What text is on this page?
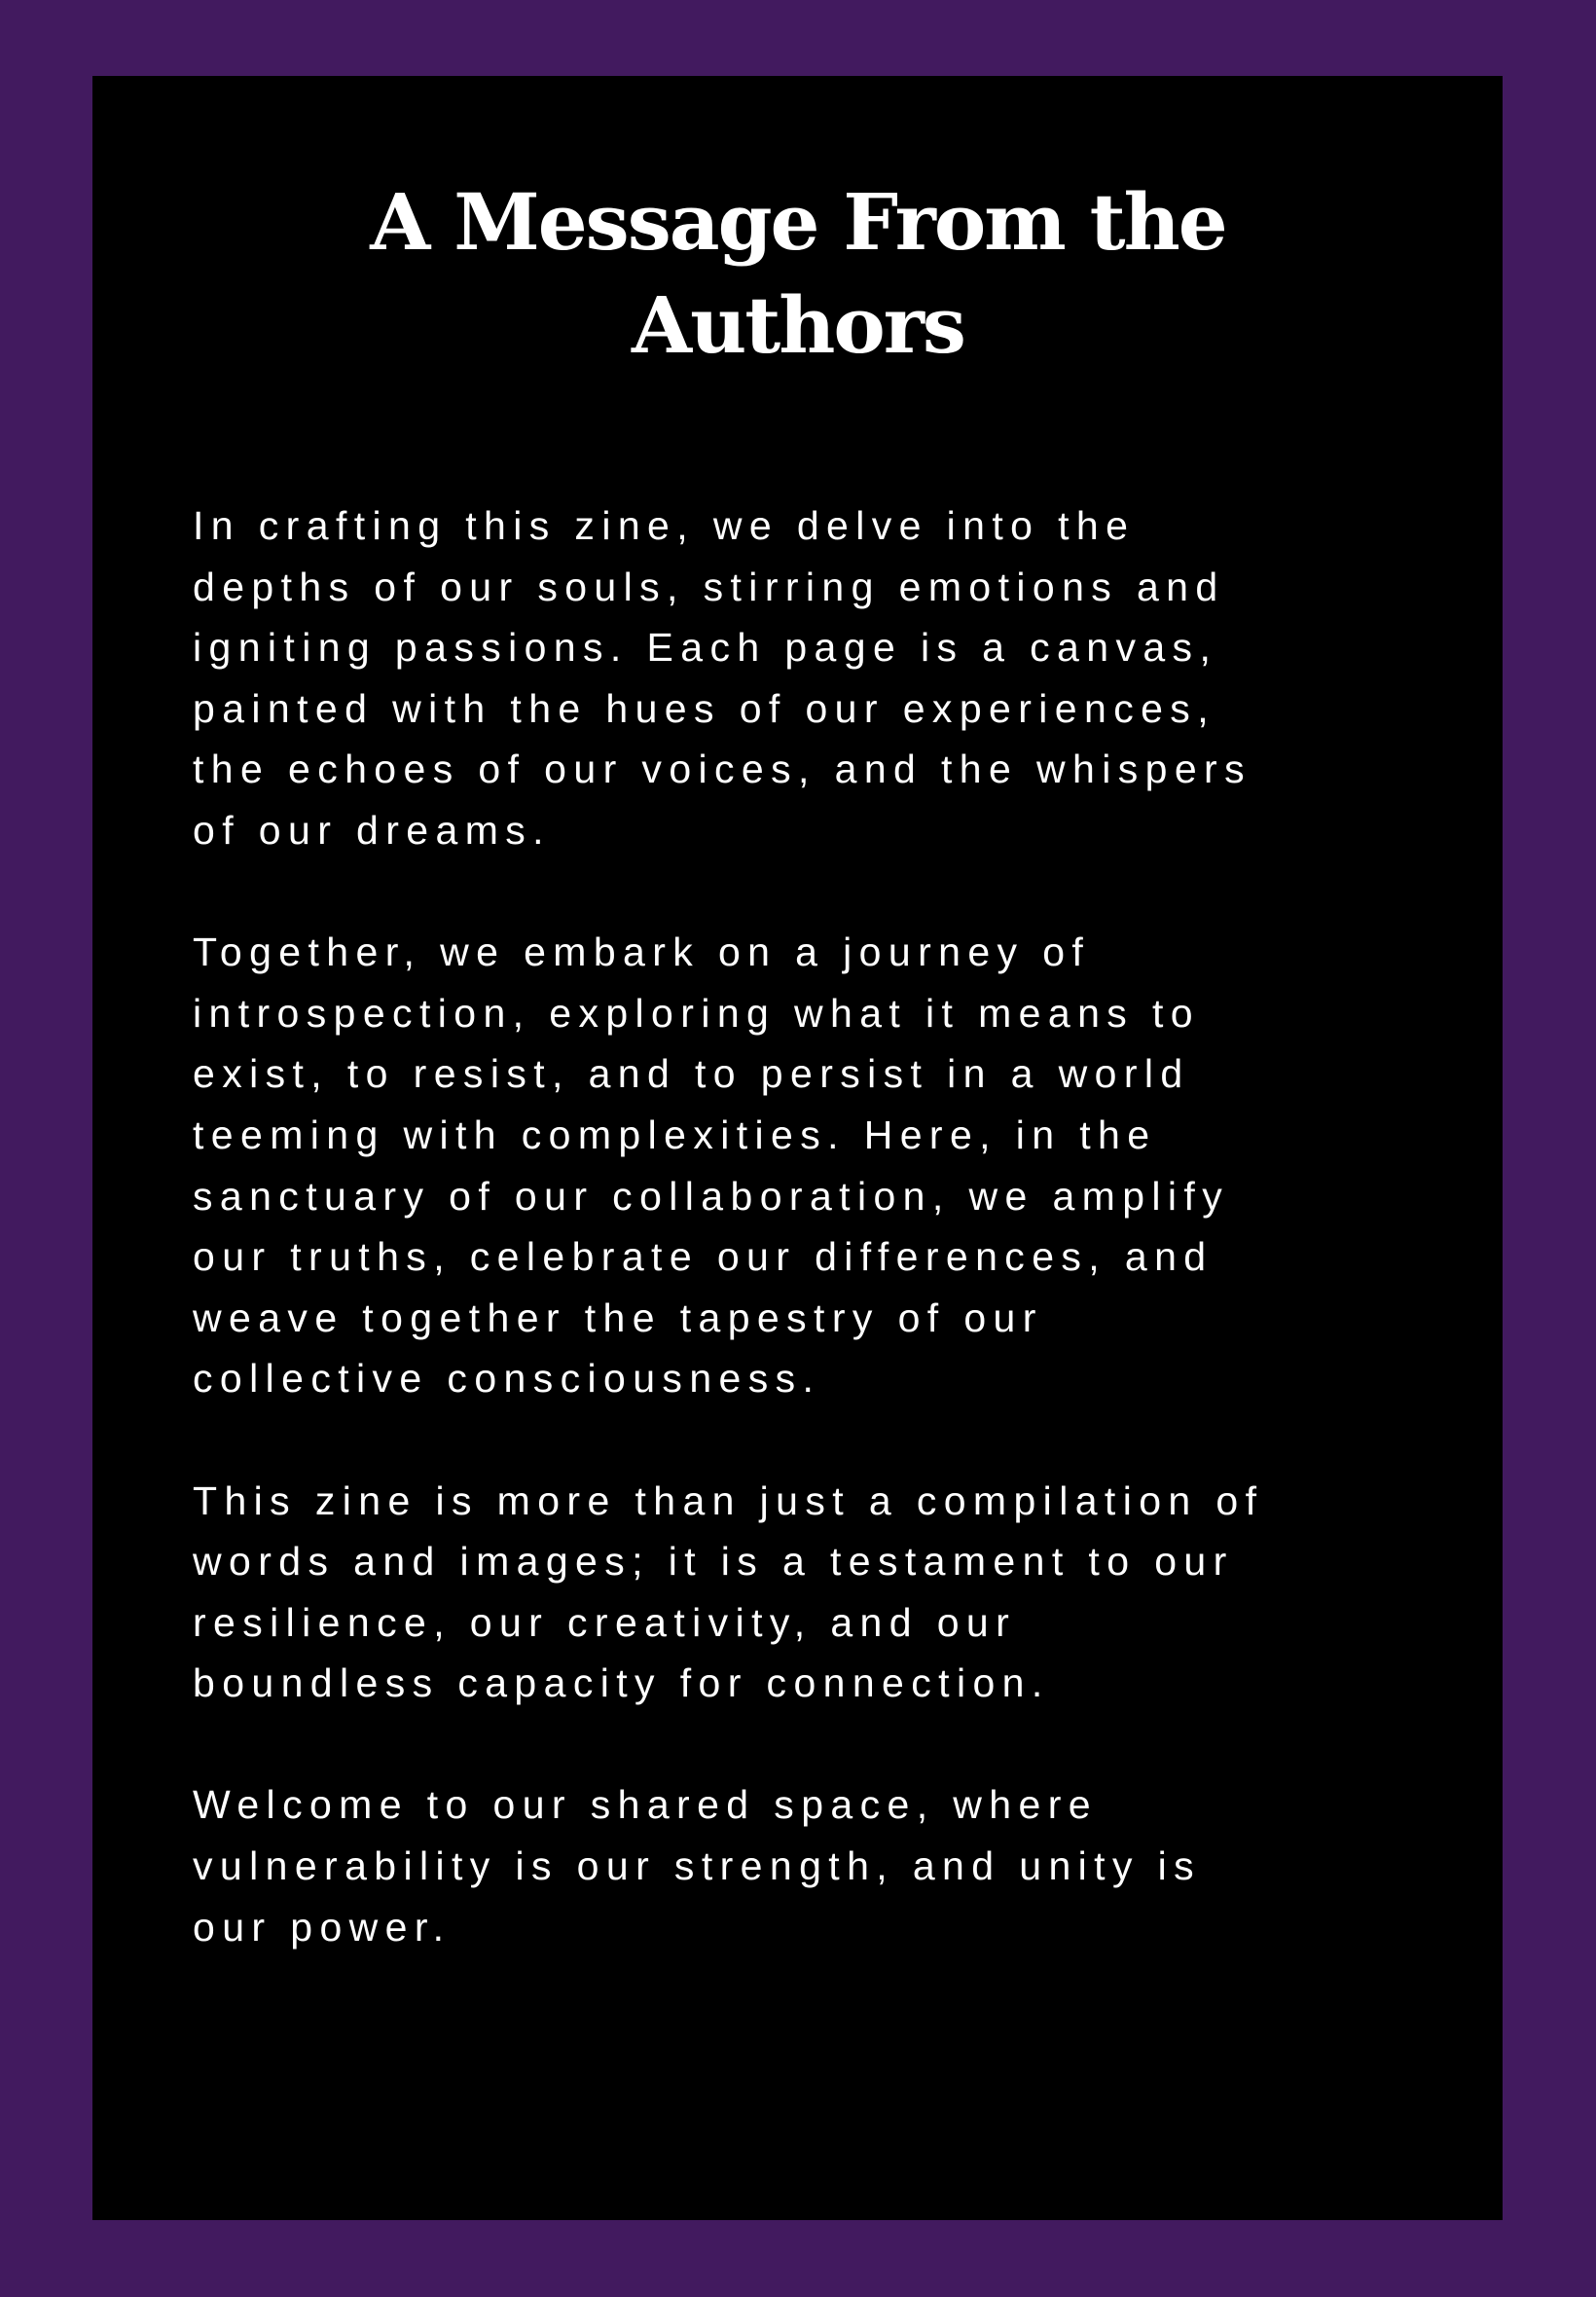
A Message From the
Authors

In crafting this zine, we delve into the
depths of our souls, stirring emotions and
igniting passions. Each page is a canvas,
painted with the hues of our experiences,
the echoes of our voices, and the whispers
of our dreams.

Together, we embark on a journey of
introspection, exploring what it means to
exist, to resist, and to persist in a world
teeming with complexities. Here, in the
sanctuary of our collaboration, we amplify
our truths, celebrate our differences, and
weave together the tapestry of our
collective consciousness.

This zine is more than just a compilation of
words and images; it is a testament to our
resilience, our creativity, and our
boundless capacity for connection.

Welcome to our shared space, where
vulnerability is our strength, and unity is
our power.
